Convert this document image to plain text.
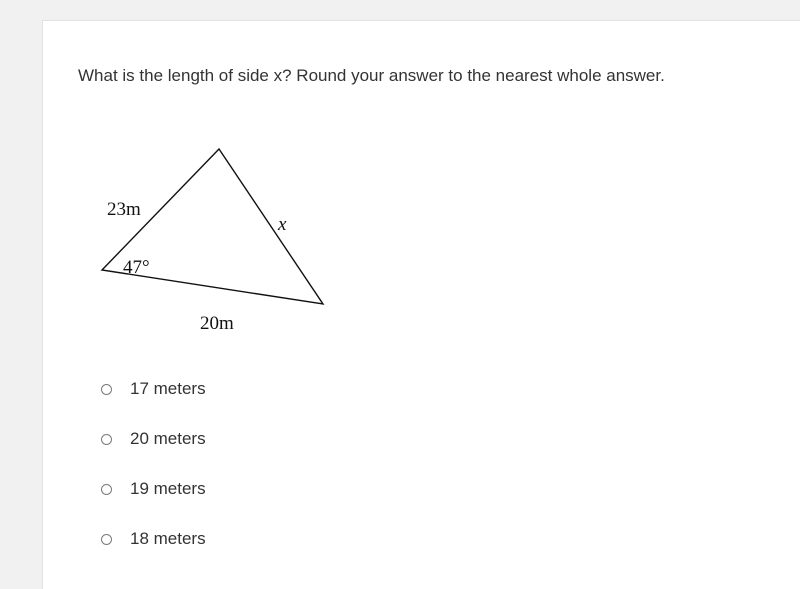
What is the length of side x? Round your answer to the nearest whole answer.
23m
x
20m
47°
17 meters
20 meters
19 meters
18 meters
